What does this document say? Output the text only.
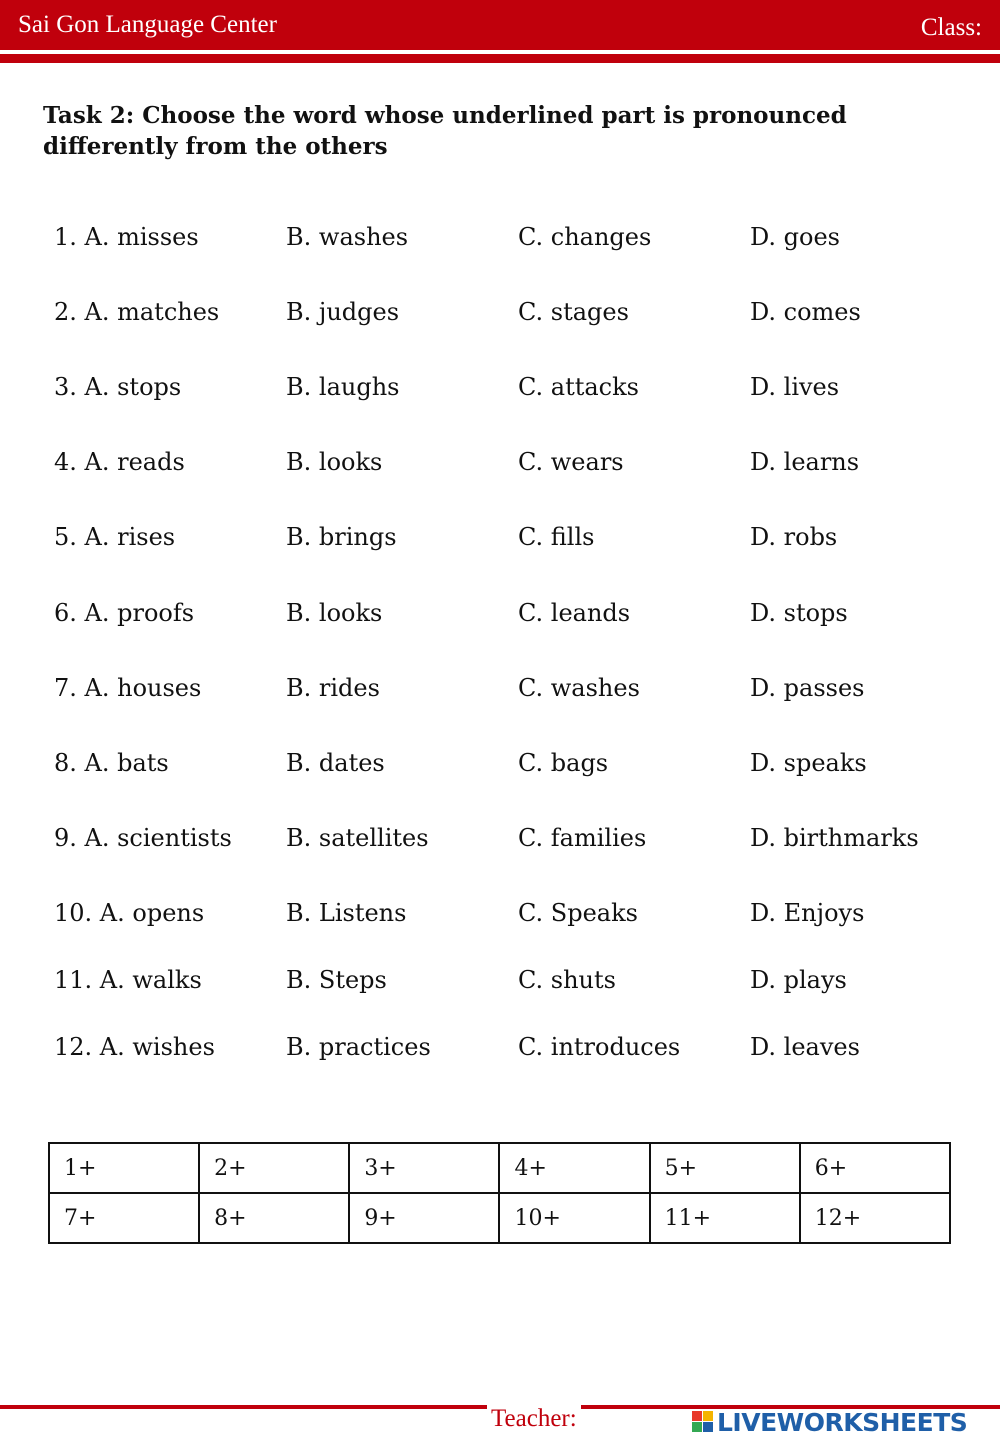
Sai Gon Language Center	Class:
Task 2: Choose the word whose underlined part is pronounced differently from the others
1. A. misses	B. washes	C. changes	D. goes
2. A. matches	B. judges	C. stages	D. comes
3. A. stops	B. laughs	C. attacks	D. lives
4. A. reads	B. looks	C. wears	D. learns
5. A. rises	B. brings	C. fills	D. robs
6. A. proofs	B. looks	C. leands	D. stops
7. A. houses	B. rides	C. washes	D. passes
8. A. bats	B. dates	C. bags	D. speaks
9. A. scientists B. satellites	C. families	D. birthmarks
10. A. opens	B. Listens	C. Speaks	D. Enjoys
11. A. walks	B. Steps	C. shuts	D. plays
12. A. wishes	B. practices	C. introduces	D. leaves
1+	2+	3+	4+	5+	6+
7+	8+	9+	10+	11+	12+
Teacher:	LIVEWORKSHEETS
